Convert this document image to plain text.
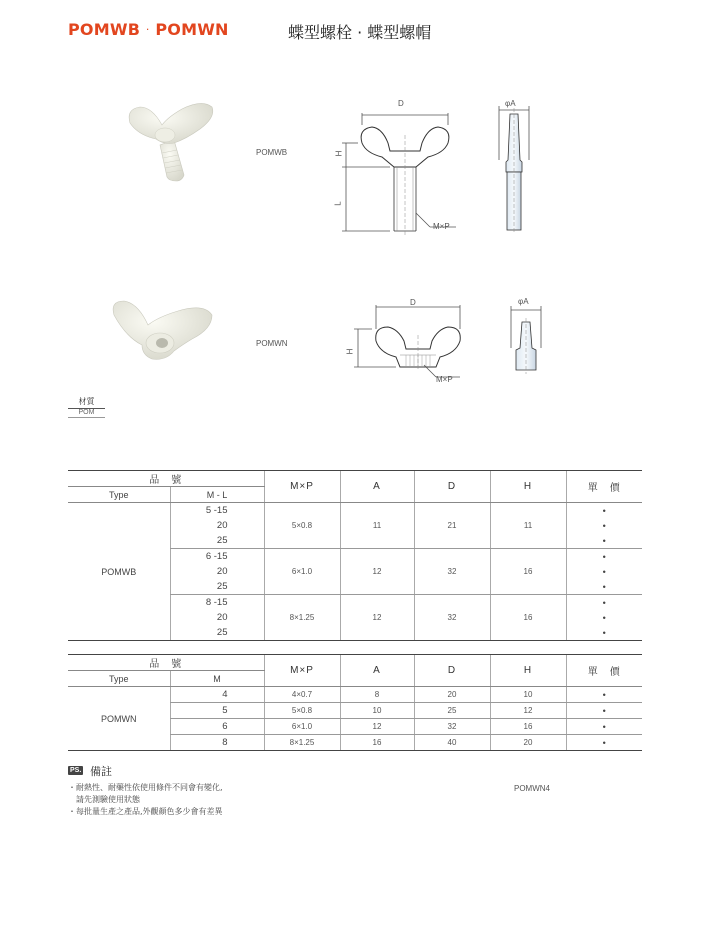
POMWB · POMWN	蝶型螺栓 · 蝶型螺帽
D
H
L
M×P
φA
POMWB
D
H
M×P
φA
POMWN
材質
POM
品　號		M×P	A	D	H	單　價
Type	M - L					
POMWB	5 -15	5×0.8	11	21	11	•
	20					•
	25					•
	6 -15	6×1.0	12	32	16	•
	20					•
	25					•
	8 -15	8×1.25	12	32	16	•
	20					•
	25					•
品　號		M×P	A	D	H	單　價
Type	M					
POMWN	4	4×0.7	8	20	10	•
	5	5×0.8	10	25	12	•
	6	6×1.0	12	32	16	•
	8	8×1.25	16	40	20	•
PS. 備註
・耐熱性、耐藥性依使用條件不同會有變化,
　請先測驗使用狀態
・每批量生產之產品,外觀顏色多少會有差異
POMWN4
